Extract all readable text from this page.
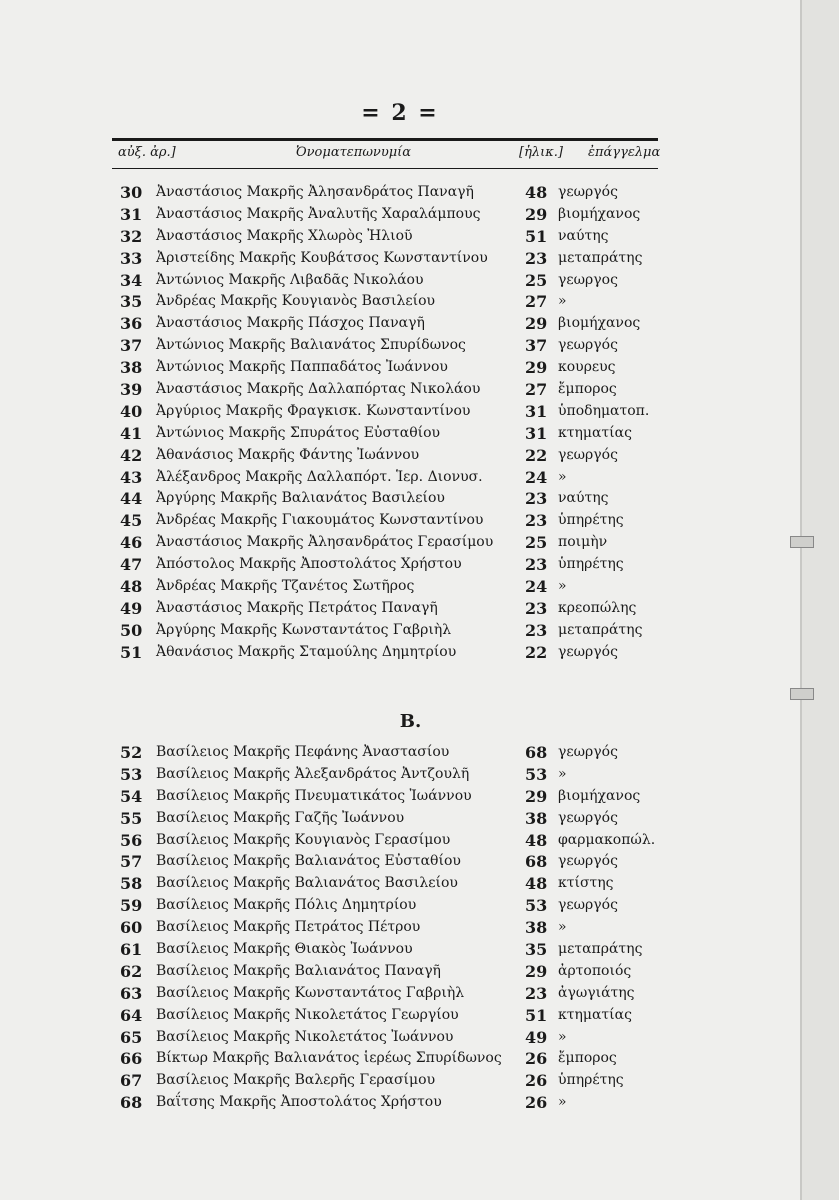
= 2 =
αὐξ. ἀρ.]	Ὀνοματεπωνυμία	[ἡλικ.] ἐπάγγελμα
30 Ἀναστάσιος Μακρῆς Ἀλησανδράτος Παναγῆ	48 γεωργός
31 Ἀναστάσιος Μακρῆς Ἀναλυτῆς Χαραλάμπους	29 βιομήχανος
32 Ἀναστάσιος Μακρῆς Χλωρὸς Ἠλιοῦ	51 ναύτης
33 Ἀριστείδης Μακρῆς Κουβάτσος Κωνσταντίνου 23 μεταπράτης
34 Ἀντώνιος Μακρῆς Λιβαδᾶς Νικολάου	25 γεωργος
35 Ἀνδρέας Μακρῆς Κουγιανὸς Βασιλείου	27 »
36 Ἀναστάσιος Μακρῆς Πάσχος Παναγῆ	29 βιομήχανος
37 Ἀντώνιος Μακρῆς Βαλιανάτος Σπυρίδωνος	37 γεωργός
38 Ἀντώνιος Μακρῆς Παππαδάτος Ἰωάννου	29 κουρευς
39 Ἀναστάσιος Μακρῆς Δαλλαπόρτας Νικολάου	27 ἔμπορος
40 Ἀργύριος Μακρῆς Φραγκισκ. Κωνσταντίνου	31 ὑποδηματοπ.
41 Ἀντώνιος Μακρῆς Σπυράτος Εὐσταθίου	31 κτηματίας
42 Ἀθανάσιος Μακρῆς Φάντης Ἰωάννου	22 γεωργός
43 Ἀλέξανδρος Μακρῆς Δαλλαπόρτ. Ἱερ. Διονυσ.	24 »
44 Ἀργύρης Μακρῆς Βαλιανάτος Βασιλείου	23 ναύτης
45 Ἀνδρέας Μακρῆς Γιακουμάτος Κωνσταντίνου	23 ὑπηρέτης
46 Ἀναστάσιος Μακρῆς Ἀλησανδράτος Γερασίμου 25 ποιμὴν
47 Ἀπόστολος Μακρῆς Ἀποστολάτος Χρήστου	23 ὑπηρέτης
48 Ἀνδρέας Μακρῆς Τζανέτος Σωτῆρος	24 »
49 Ἀναστάσιος Μακρῆς Πετράτος Παναγῆ	23 κρεοπώλης
50 Ἀργύρης Μακρῆς Κωνσταντάτος Γαβριὴλ	23 μεταπράτης
51 Ἀθανάσιος Μακρῆς Σταμούλης Δημητρίου	22 γεωργός
Β.
52 Βασίλειος Μακρῆς Πεφάνης Ἀναστασίου	68 γεωργός
53 Βασίλειος Μακρῆς Ἀλεξανδράτος Ἀντζουλῆ	53 »
54 Βασίλειος Μακρῆς Πνευματικάτος Ἰωάννου	29 βιομήχανος
55 Βασίλειος Μακρῆς Γαζῆς Ἰωάννου	38 γεωργός
56 Βασίλειος Μακρῆς Κουγιανὸς Γερασίμου	48 φαρμακοπώλ.
57 Βασίλειος Μακρῆς Βαλιανάτος Εὐσταθίου	68 γεωργός
58 Βασίλειος Μακρῆς Βαλιανάτος Βασιλείου	48 κτίστης
59 Βασίλειος Μακρῆς Πόλις Δημητρίου	53 γεωργός
60 Βασίλειος Μακρῆς Πετράτος Πέτρου	38 »
61 Βασίλειος Μακρῆς Θιακὸς Ἰωάννου	35 μεταπράτης
62 Βασίλειος Μακρῆς Βαλιανάτος Παναγῆ	29 ἀρτοποιός
63 Βασίλειος Μακρῆς Κωνσταντάτος Γαβριὴλ	23 ἀγωγιάτης
64 Βασίλειος Μακρῆς Νικολετάτος Γεωργίου	51 κτηματίας
65 Βασίλειος Μακρῆς Νικολετάτος Ἰωάννου	49 »
66 Βίκτωρ Μακρῆς Βαλιανάτος ἱερέως Σπυρίδωνος 26 ἔμπορος
67 Βασίλειος Μακρῆς Βαλερῆς Γερασίμου	26 ὑπηρέτης
68 Βαΐτσης Μακρῆς Ἀποστολάτος Χρήστου	26 »
